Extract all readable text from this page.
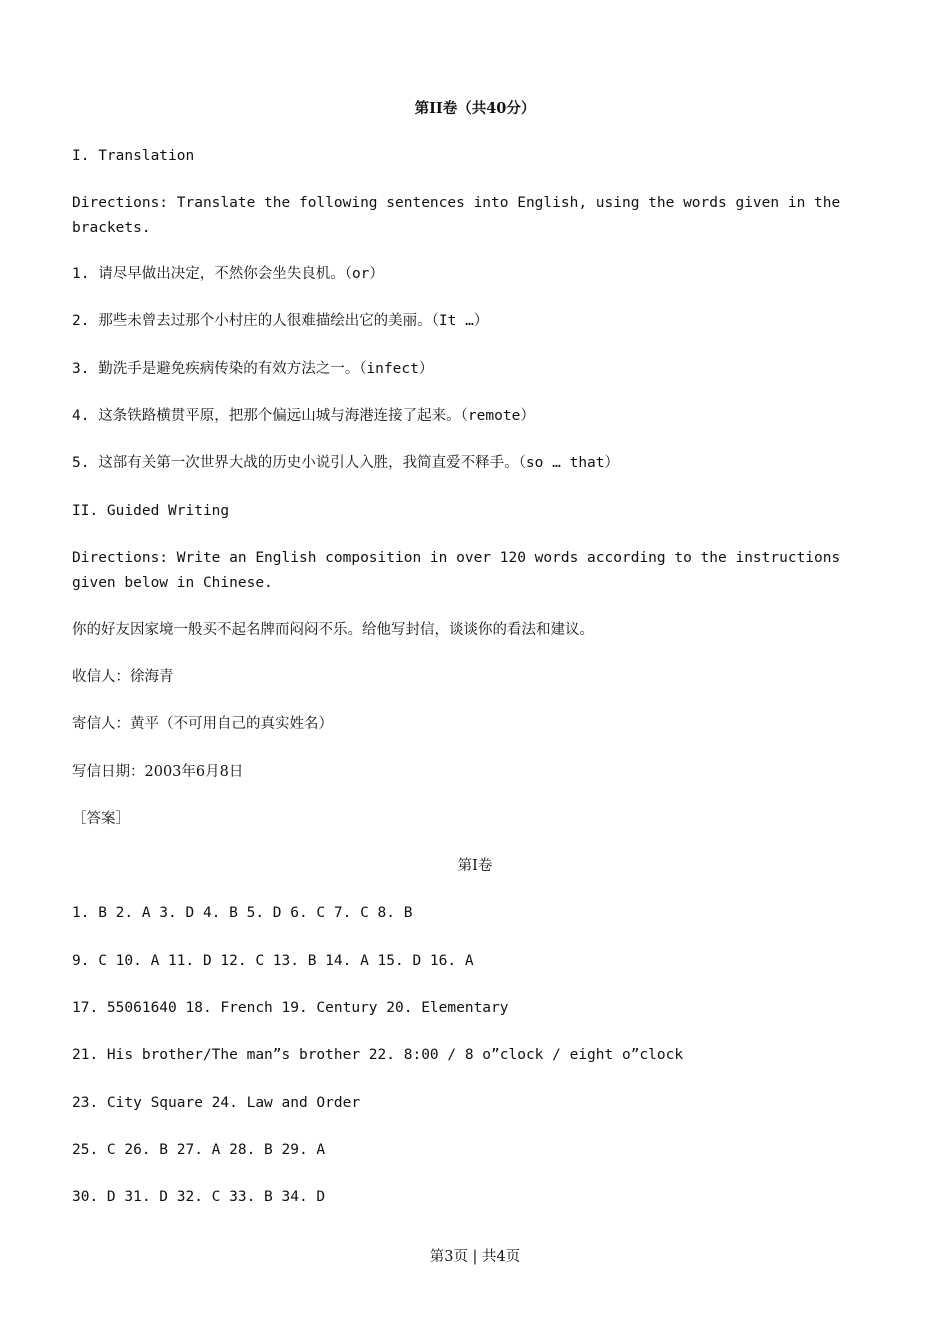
第II卷（共40分）
I. Translation
Directions: Translate the following sentences into English, using the words given in the brackets.
1. 请尽早做出决定，不然你会坐失良机。（or）
2. 那些未曾去过那个小村庄的人很难描绘出它的美丽。（It …）
3. 勤洗手是避免疾病传染的有效方法之一。（infect）
4. 这条铁路横贯平原，把那个偏远山城与海港连接了起来。（remote）
5. 这部有关第一次世界大战的历史小说引人入胜，我简直爱不释手。（so … that）
II. Guided Writing
Directions: Write an English composition in over 120 words according to the instructions given below in Chinese.
你的好友因家境一般买不起名牌而闷闷不乐。给他写封信，谈谈你的看法和建议。
收信人：徐海青
寄信人：黄平（不可用自己的真实姓名）
写信日期：2003年6月8日
［答案］
第I卷
1. B 2. A 3. D 4. B 5. D 6. C 7. C 8. B
9. C 10. A 11. D 12. C 13. B 14. A 15. D 16. A
17. 55061640 18. French 19. Century 20. Elementary
21. His brother/The man”s brother 22. 8:00 / 8 o”clock / eight o”clock
23. City Square 24. Law and Order
25. C 26. B 27. A 28. B 29. A
30. D 31. D 32. C 33. B 34. D
第3页 | 共4页
